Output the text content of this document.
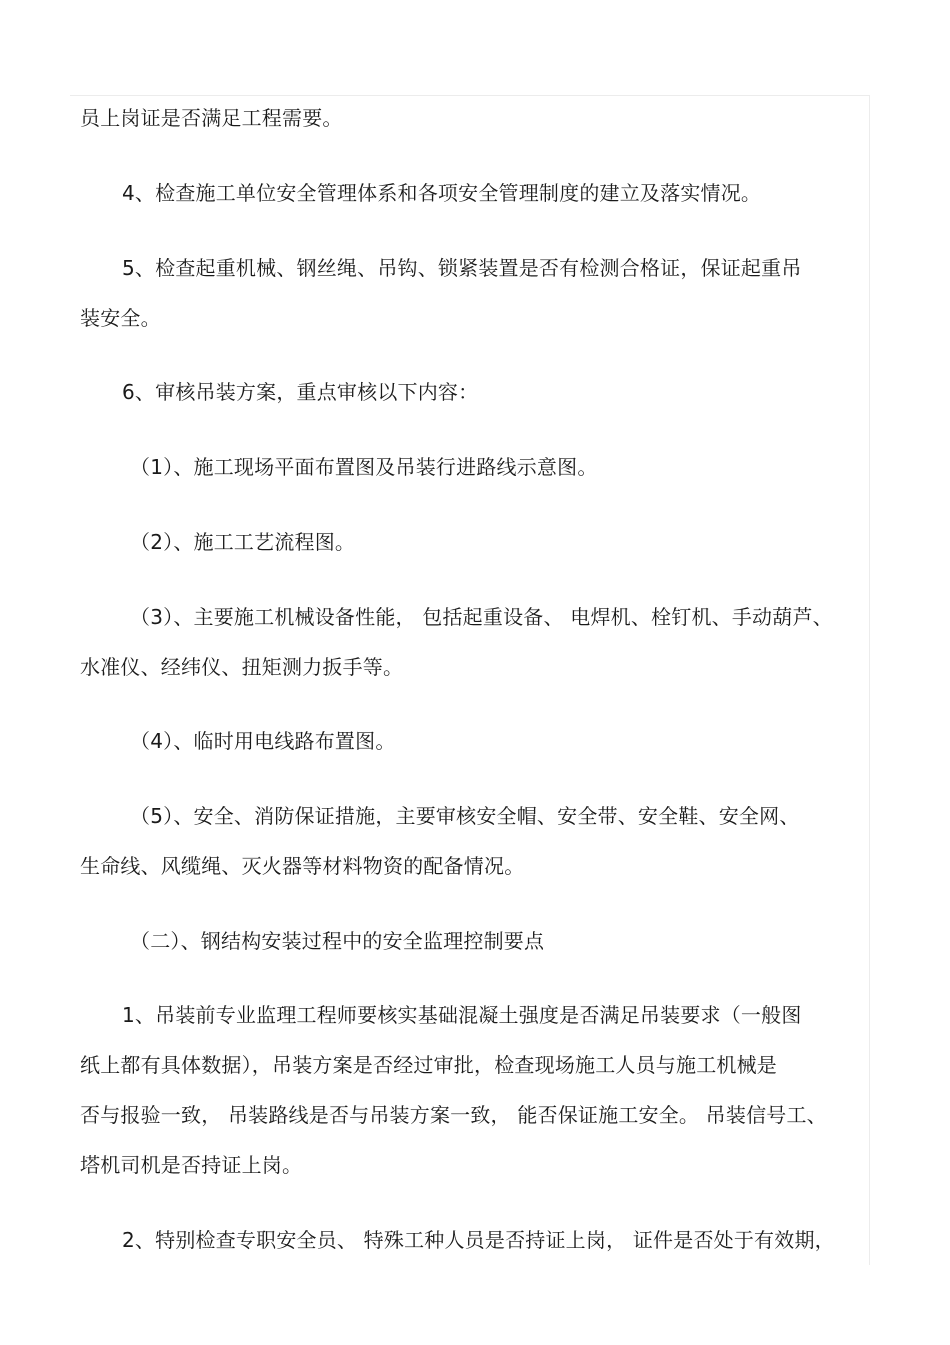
员上岗证是否满足工程需要。

4、检查施工单位安全管理体系和各项安全管理制度的建立及落实情况。

5、检查起重机械、钢丝绳、吊钩、锁紧装置是否有检测合格证，保证起重吊

装安全。

6、审核吊装方案，重点审核以下内容：

（1）、施工现场平面布置图及吊装行进路线示意图。

（2）、施工工艺流程图。

（3）、主要施工机械设备性能， 包括起重设备、 电焊机、栓钉机、手动葫芦、

水准仪、经纬仪、扭矩测力扳手等。

（4）、临时用电线路布置图。

（5）、安全、消防保证措施，主要审核安全帽、安全带、安全鞋、安全网、

生命线、风缆绳、灭火器等材料物资的配备情况。

（二）、钢结构安装过程中的安全监理控制要点

1、吊装前专业监理工程师要核实基础混凝土强度是否满足吊装要求（一般图

纸上都有具体数据），吊装方案是否经过审批，检查现场施工人员与施工机械是

否与报验一致， 吊装路线是否与吊装方案一致， 能否保证施工安全。 吊装信号工、

塔机司机是否持证上岗。

2、特别检查专职安全员、 特殊工种人员是否持证上岗， 证件是否处于有效期，
